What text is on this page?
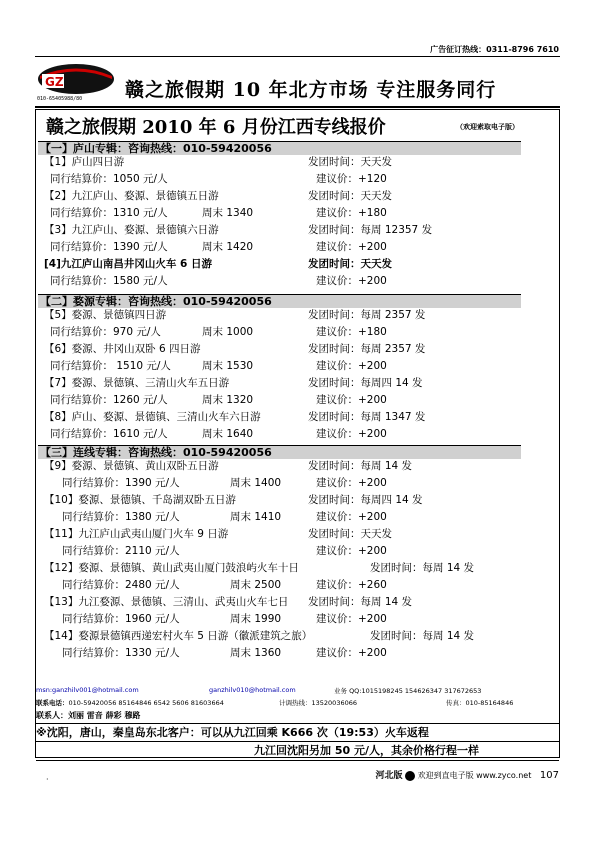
广告征订热线：0311-8796 7610
GZ
010-65405988/80 赣之旅假期 10 年北方市场 专注服务同行
赣之旅假期 2010 年 6 月份江西专线报价	（欢迎索取电子版）
【一】庐山专辑：咨询热线：010-59420056
【1】庐山四日游	发团时间：天天发
同行结算价：1050 元/人	建议价：+120
【2】九江庐山、婺源、景德镇五日游	发团时间：天天发
同行结算价：1310 元/人	周末 1340	建议价：+180
【3】九江庐山、婺源、景德镇六日游	发团时间：每周 12357 发
同行结算价：1390 元/人	周末 1420	建议价：+200
[4]九江庐山南昌井冈山火车 6 日游	发团时间：天天发
同行结算价：1580 元/人	建议价：+200
【二】婺源专辑：咨询热线：010-59420056
【5】婺源、景德镇四日游	发团时间：每周 2357 发
同行结算价：970 元/人	周末 1000	建议价：+180
【6】婺源、井冈山双卧 6 四日游	发团时间：每周 2357 发
同行结算价： 1510 元/人	周末 1530	建议价：+200
【7】婺源、景德镇、三清山火车五日游	发团时间：每周四 14 发
同行结算价：1260 元/人	周末 1320	建议价：+200
【8】庐山、婺源、景德镇、三清山火车六日游	发团时间：每周 1347 发
同行结算价：1610 元/人	周末 1640	建议价：+200
【三】连线专辑：咨询热线：010-59420056
【9】婺源、景德镇、黄山双卧五日游	发团时间：每周 14 发
同行结算价：1390 元/人	周末 1400	建议价：+200
【10】婺源、景德镇、千岛湖双卧五日游	发团时间：每周四 14 发
同行结算价：1380 元/人	周末 1410	建议价：+200
【11】九江庐山武夷山厦门火车 9 日游	发团时间：天天发
同行结算价：2110 元/人	建议价：+200
【12】婺源、景德镇、黄山武夷山厦门鼓浪屿火车十日	发团时间：每周 14 发
同行结算价：2480 元/人	周末 2500	建议价：+260
【13】九江婺源、景德镇、三清山、武夷山火车七日 发团时间：每周 14 发
同行结算价：1960 元/人	周末 1990	建议价：+200
【14】婺源景德镇西递宏村火车 5 日游（徽派建筑之旅）	发团时间：每周 14 发
同行结算价：1330 元/人	周末 1360	建议价：+200
msn:ganzhilv001@hotmail.com	ganzhilv010@hotmail.com	业务 QQ:1015198245 154626347 317672653
联系电话：010-59420056 85164846 6542 5606 81603664	计调热线：13520036066	传真：010-85164846
联系人：刘丽 雷音 薛彩 穆路
※沈阳，唐山，秦皇岛东北客户：可以从九江回乘 K666 次（19:53）火车返程
九江回沈阳另加 50 元/人，其余价格行程一样
·	河北版 欢迎到直电子版 www.zyco.net 107
